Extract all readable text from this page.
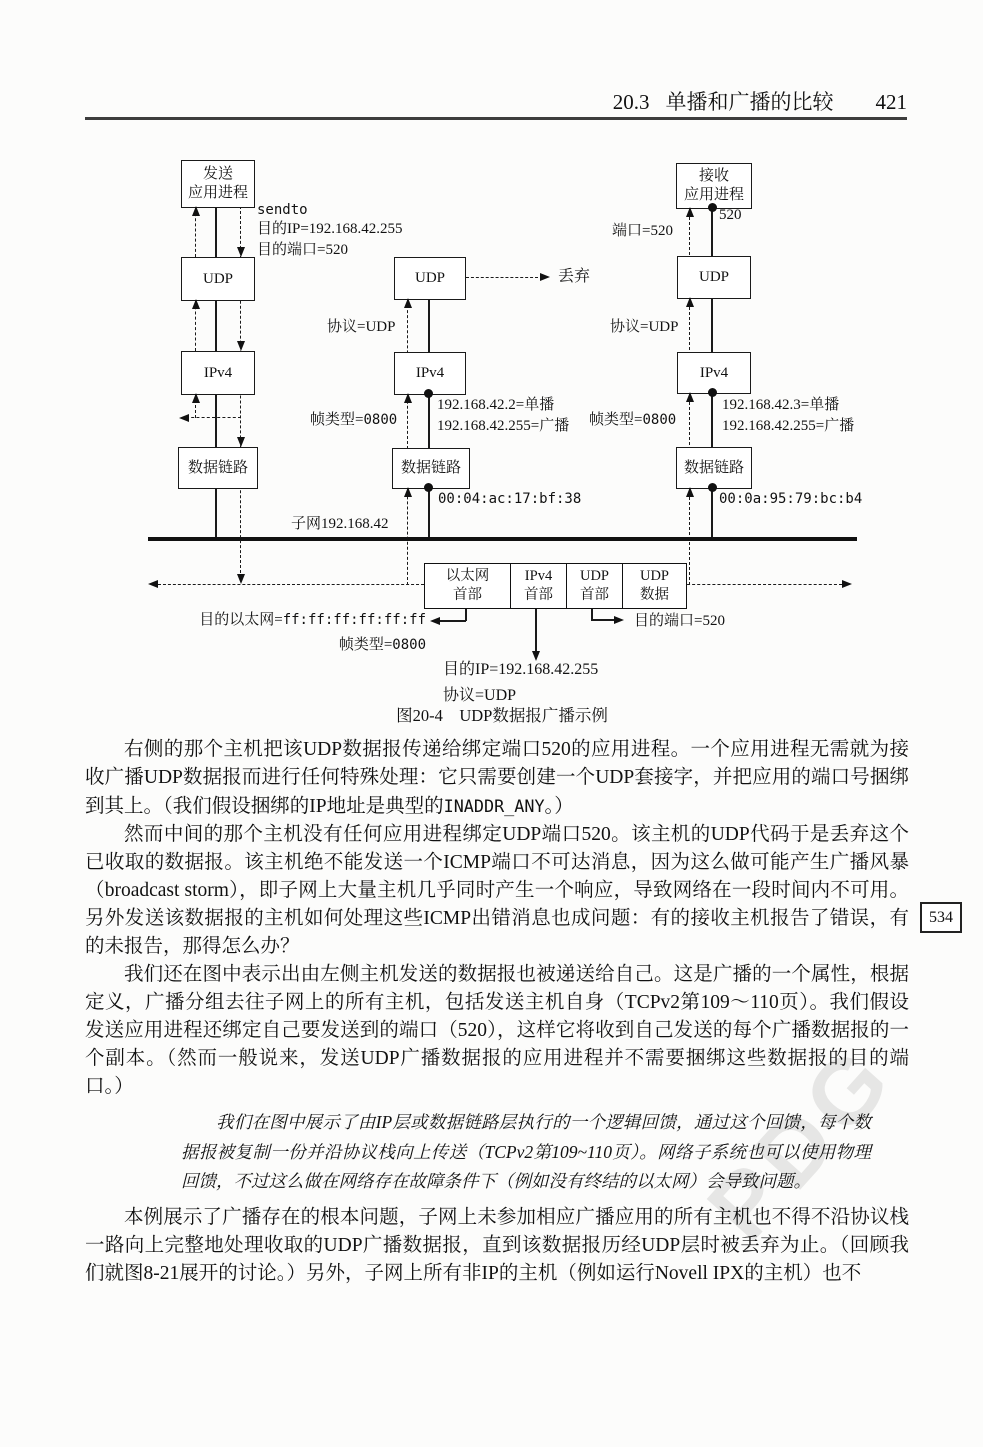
PDG
20.3 单播和广播的比较 421
发送
应用进程
UDP
IPv4
数据链路
sendto
目的IP=192.168.42.255
目的端口=520
丢弃
UDP
IPv4
数据链路
协议=UDP
192.168.42.2=单播
192.168.42.255=广播
帧类型=0800
00:04:ac:17:bf:38
子网192.168.42
接收
应用进程
520
端口=520
UDP
协议=UDP
IPv4
192.168.42.3=单播
192.168.42.255=广播
帧类型=0800
数据链路
00:0a:95:79:bc:b4
以太网
首部
IPv4
首部
UDP
首部
UDP
数据
目的以太网=ff:ff:ff:ff:ff:ff
帧类型=0800
目的IP=192.168.42.255
协议=UDP
目的端口=520
图20-4　UDP数据报广播示例
534

右侧的那个主机把该UDP数据报传递给绑定端口520的应用进程。一个应用进程无需就为接收广播UDP数据报而进行任何特殊处理：它只需要创建一个UDP套接字，并把应用的端口号捆绑到其上。（我们假设捆绑的IP地址是典型的INADDR_ANY。）

然而中间的那个主机没有任何应用进程绑定UDP端口520。该主机的UDP代码于是丢弃这个已收取的数据报。该主机绝不能发送一个ICMP端口不可达消息，因为这么做可能产生广播风暴（broadcast storm），即子网上大量主机几乎同时产生一个响应，导致网络在一段时间内不可用。另外发送该数据报的主机如何处理这些ICMP出错消息也成问题：有的接收主机报告了错误，有的未报告，那得怎么办？

我们还在图中表示出由左侧主机发送的数据报也被递送给自己。这是广播的一个属性，根据定义，广播分组去往子网上的所有主机，包括发送主机自身（TCPv2第109～110页）。我们假设发送应用进程还绑定自己要发送到的端口（520），这样它将收到自己发送的每个广播数据报的一个副本。（然而一般说来，发送UDP广播数据报的应用进程并不需要捆绑这些数据报的目的端口。）

我们在图中展示了由IP层或数据链路层执行的一个逻辑回馈，通过这个回馈，每个数据报被复制一份并沿协议栈向上传送（TCPv2第109~110页）。网络子系统也可以使用物理回馈，不过这么做在网络存在故障条件下（例如没有终结的以太网）会导致问题。

本例展示了广播存在的根本问题，子网上未参加相应广播应用的所有主机也不得不沿协议栈一路向上完整地处理收取的UDP广播数据报，直到该数据报历经UDP层时被丢弃为止。（回顾我们就图8-21展开的讨论。）另外，子网上所有非IP的主机（例如运行Novell IPX的主机）也不
